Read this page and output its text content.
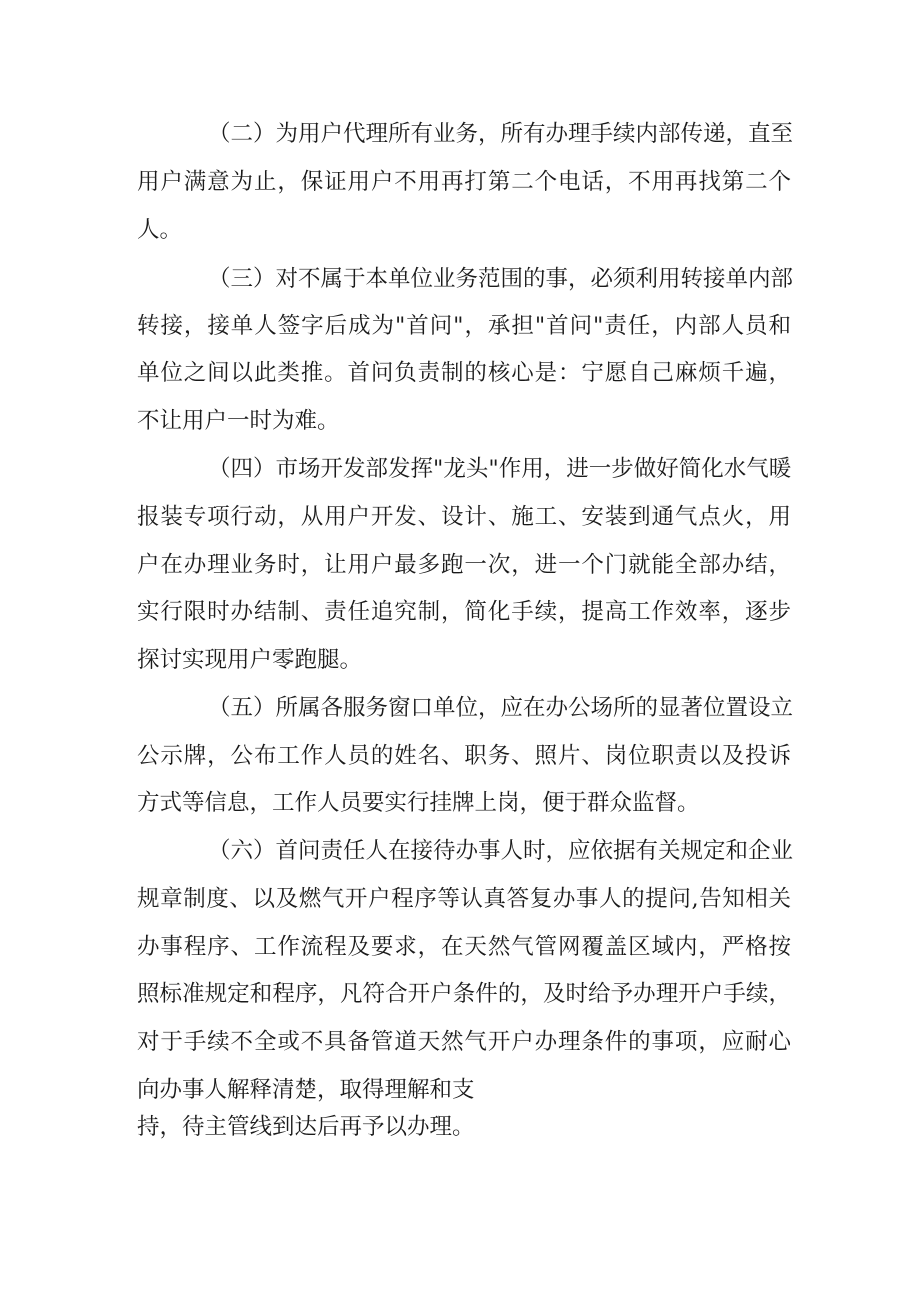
（二）为用户代理所有业务，所有办理手续内部传递，直至
用户满意为止，保证用户不用再打第二个电话，不用再找第二个
人。
（三）对不属于本单位业务范围的事，必须利用转接单内部
转接，接单人签字后成为"首问"，承担"首问"责任，内部人员和
单位之间以此类推。首问负责制的核心是：宁愿自己麻烦千遍，
不让用户一时为难。
（四）市场开发部发挥"龙头"作用，进一步做好简化水气暖
报装专项行动，从用户开发、设计、施工、安装到通气点火，用
户在办理业务时，让用户最多跑一次，进一个门就能全部办结，
实行限时办结制、责任追究制，简化手续，提高工作效率，逐步
探讨实现用户零跑腿。
（五）所属各服务窗口单位，应在办公场所的显著位置设立
公示牌，公布工作人员的姓名、职务、照片、岗位职责以及投诉
方式等信息，工作人员要实行挂牌上岗，便于群众监督。
（六）首问责任人在接待办事人时，应依据有关规定和企业
规章制度、以及燃气开户程序等认真答复办事人的提问,告知相关
办事程序、工作流程及要求，在天然气管网覆盖区域内，严格按
照标准规定和程序，凡符合开户条件的，及时给予办理开户手续，
对于手续不全或不具备管道天然气开户办理条件的事项，应耐心
向办事人解释清楚，取得理解和支
持，待主管线到达后再予以办理。
